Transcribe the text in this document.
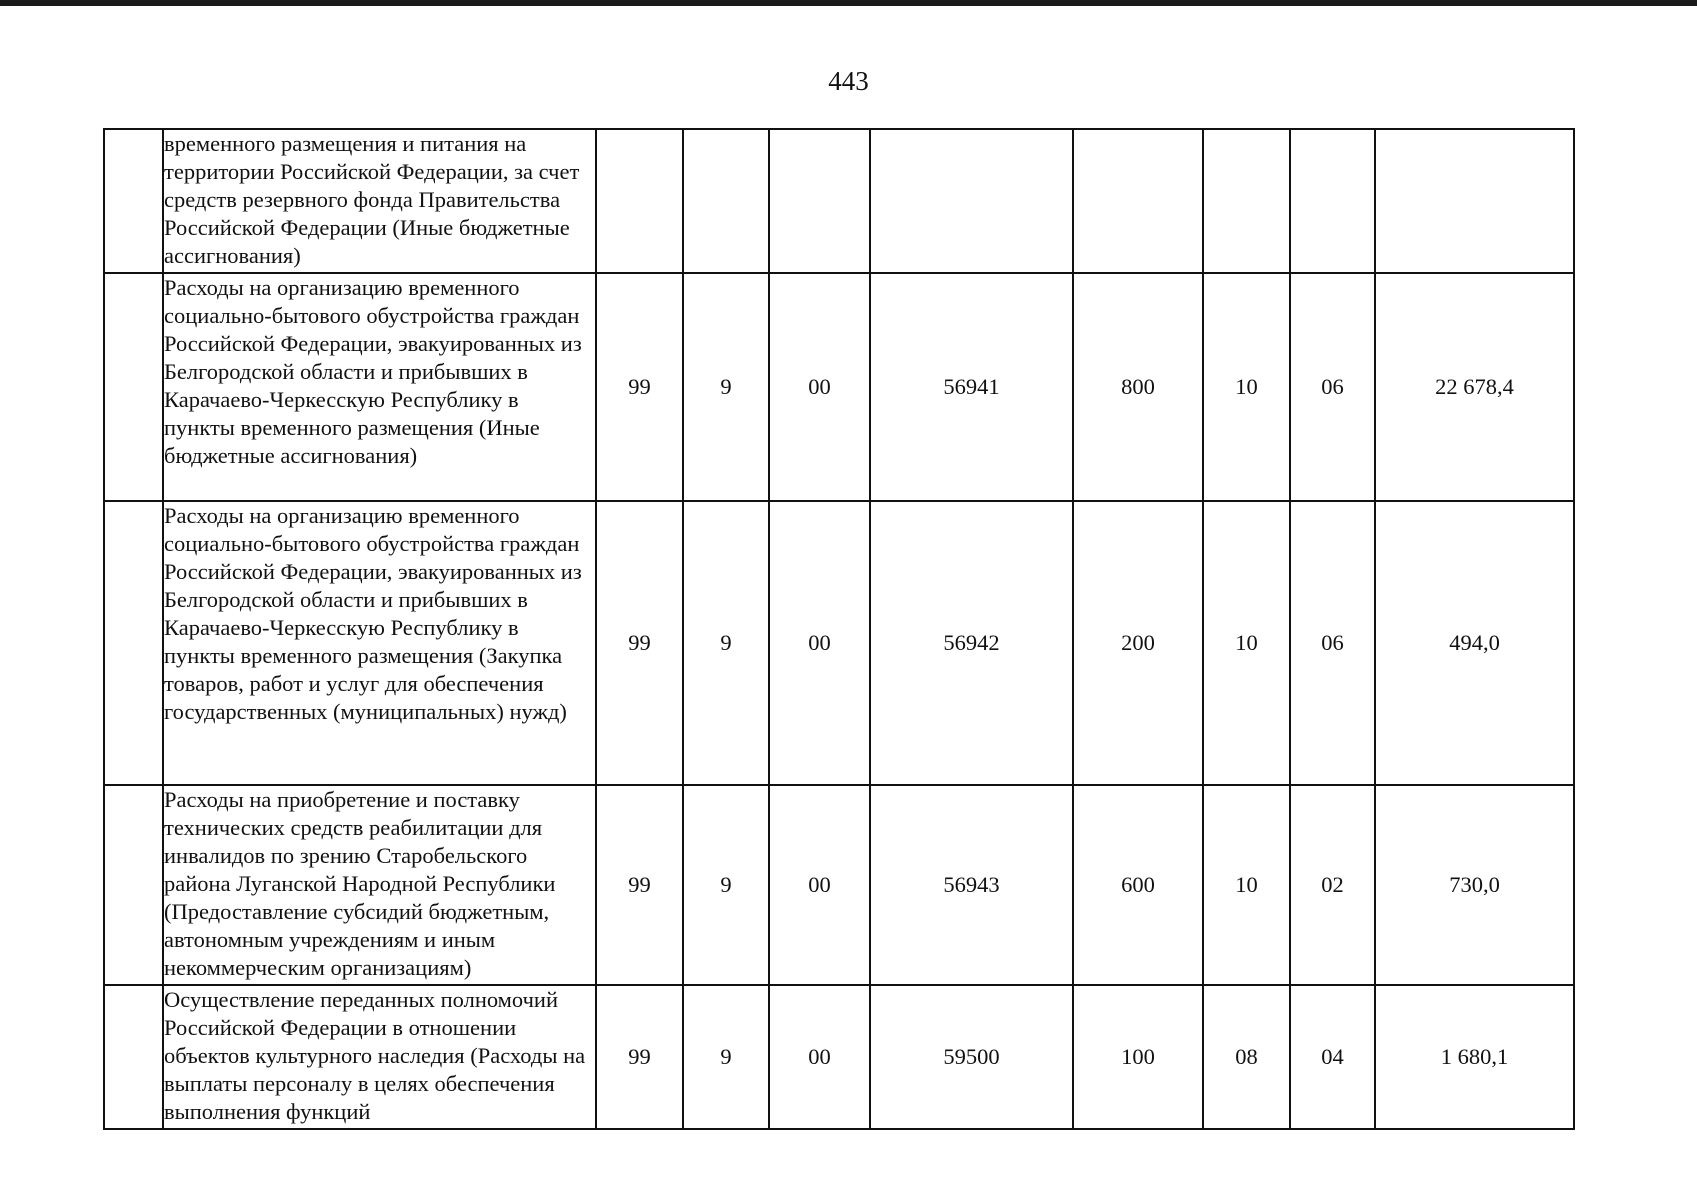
443
	временного размещения и питания на территории Российской Федерации, за счет средств резервного фонда Правительства Российской Федерации (Иные бюджетные ассигнования)								
	Расходы на организацию временного социально-бытового обустройства граждан Российской Федерации, эвакуированных из Белгородской области и прибывших в Карачаево-Черкесскую Республику в пункты временного размещения (Иные бюджетные ассигнования)	99	9	00	56941	800	10	06	22 678,4
	Расходы на организацию временного социально-бытового обустройства граждан Российской Федерации, эвакуированных из Белгородской области и прибывших в Карачаево-Черкесскую Республику в пункты временного размещения (Закупка товаров, работ и услуг для обеспечения государственных (муниципальных) нужд)	99	9	00	56942	200	10	06	494,0
	Расходы на приобретение и поставку технических средств реабилитации для инвалидов по зрению Старобельского района Луганской Народной Республики (Предоставление субсидий бюджетным, автономным учреждениям и иным некоммерческим организациям)	99	9	00	56943	600	10	02	730,0
	Осуществление переданных полномочий Российской Федерации в отношении объектов культурного наследия (Расходы на выплаты персоналу в целях обеспечения выполнения функций	99	9	00	59500	100	08	04	1 680,1
